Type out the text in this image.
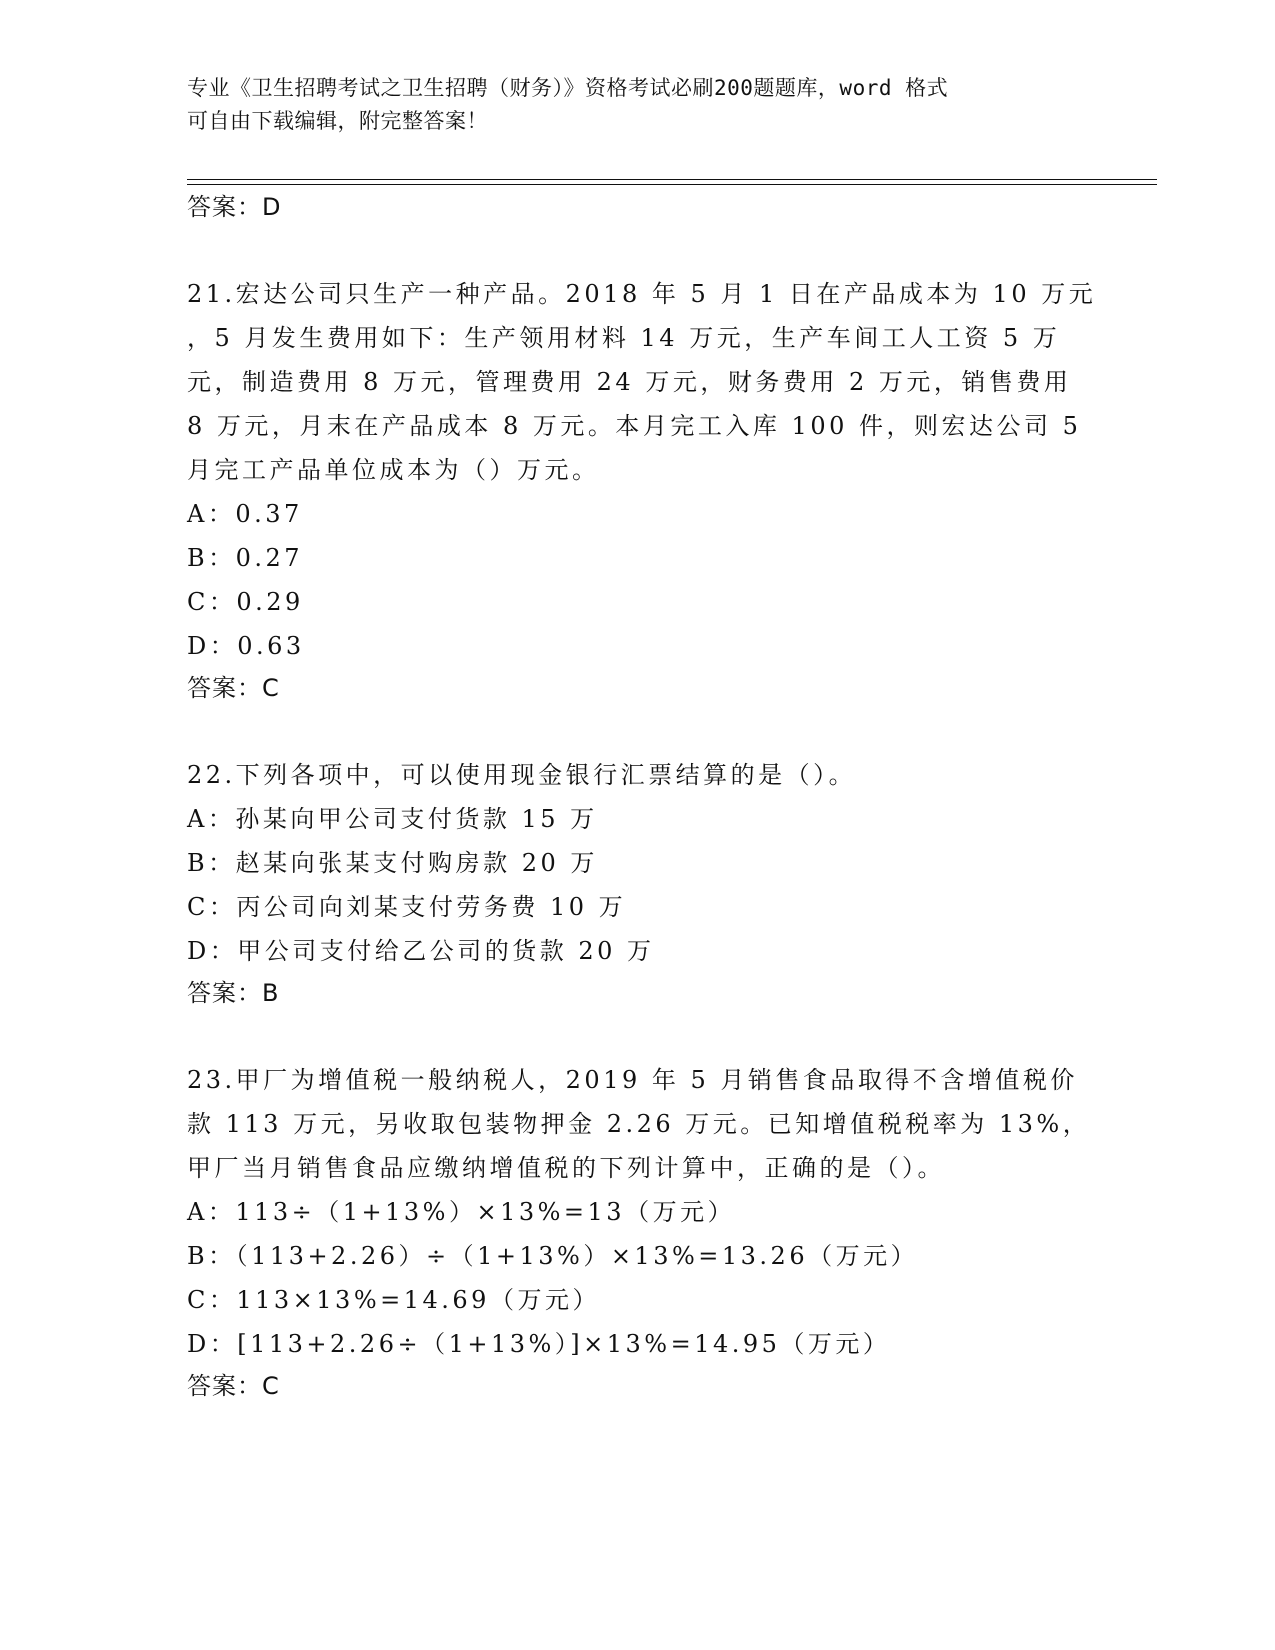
专业《卫生招聘考试之卫生招聘（财务）》资格考试必刷200题题库，word 格式
可自由下载编辑，附完整答案！
答案：D
21.宏达公司只生产一种产品。2018 年 5 月 1 日在产品成本为 10 万元
，5 月发生费用如下：生产领用材料 14 万元，生产车间工人工资 5 万
元，制造费用 8 万元，管理费用 24 万元，财务费用 2 万元，销售费用
8 万元，月末在产品成本 8 万元。本月完工入库 100 件，则宏达公司 5
月完工产品单位成本为（）万元。
A：0.37
B：0.27
C：0.29
D：0.63
答案：C
22.下列各项中，可以使用现金银行汇票结算的是（）。
A：孙某向甲公司支付货款 15 万
B：赵某向张某支付购房款 20 万
C：丙公司向刘某支付劳务费 10 万
D：甲公司支付给乙公司的货款 20 万
答案：B
23.甲厂为增值税一般纳税人，2019 年 5 月销售食品取得不含增值税价
款 113 万元，另收取包装物押金 2.26 万元。已知增值税税率为 13%，
甲厂当月销售食品应缴纳增值税的下列计算中，正确的是（）。
A：113÷（1+13%）×13%=13（万元）
B：（113+2.26）÷（1+13%）×13%=13.26（万元）
C：113×13%=14.69（万元）
D：[113+2.26÷（1+13%）]×13%=14.95（万元）
答案：C
